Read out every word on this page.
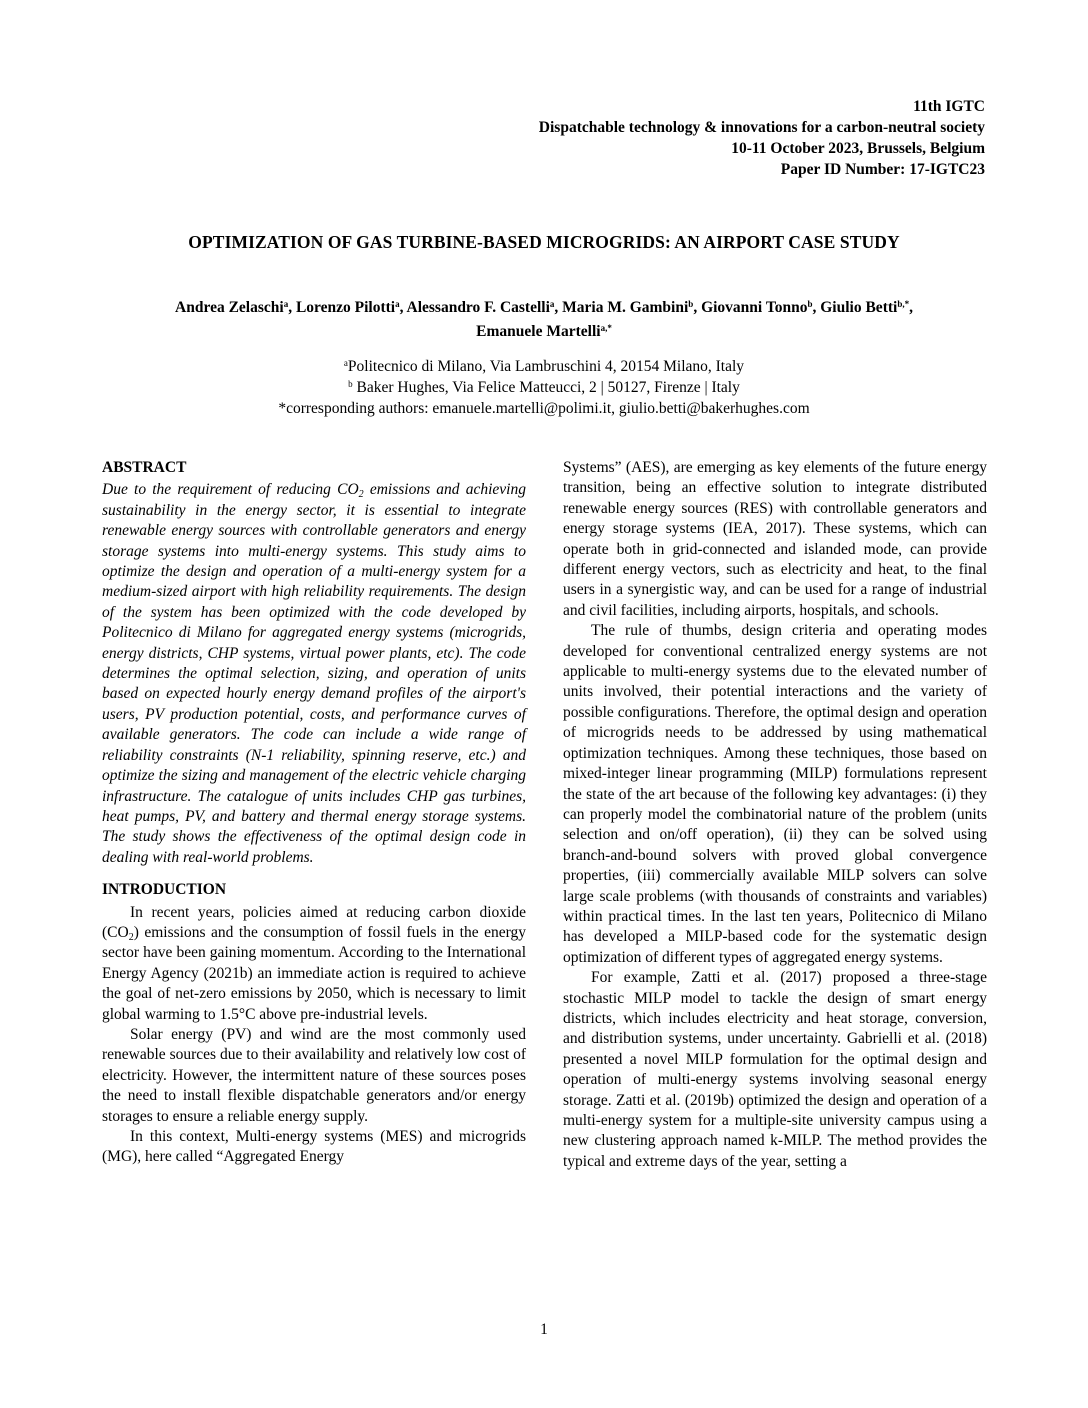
11th IGTC
Dispatchable technology & innovations for a carbon-neutral society
10-11 October 2023, Brussels, Belgium
Paper ID Number: 17-IGTC23
OPTIMIZATION OF GAS TURBINE-BASED MICROGRIDS: AN AIRPORT CASE STUDY
Andrea Zelaschi$^a$, Lorenzo Pilotti$^a$, Alessandro F. Castelli$^a$, Maria M. Gambini$^b$, Giovanni Tonno$^b$, Giulio Betti$^{b,*}$,
Emanuele Martelli$^{a,*}$
$^a$Politecnico di Milano, Via Lambruschini 4, 20154 Milano, Italy
$^b$ Baker Hughes, Via Felice Matteucci, 2 | 50127, Firenze | Italy
*corresponding authors: emanuele.martelli@polimi.it, giulio.betti@bakerhughes.com
ABSTRACT

Due to the requirement of reducing $CO_2$ emissions and achieving sustainability in the energy sector, it is essential to integrate renewable energy sources with controllable generators and energy storage systems into multi-energy systems. This study aims to optimize the design and operation of a multi-energy system for a medium-sized airport with high reliability requirements. The design of the system has been optimized with the code developed by Politecnico di Milano for aggregated energy systems (microgrids, energy districts, CHP systems, virtual power plants, etc). The code determines the optimal selection, sizing, and operation of units based on expected hourly energy demand profiles of the airport's users, PV production potential, costs, and performance curves of available generators. The code can include a wide range of reliability constraints (N-1 reliability, spinning reserve, etc.) and optimize the sizing and management of the electric vehicle charging infrastructure. The catalogue of units includes CHP gas turbines, heat pumps, PV, and battery and thermal energy storage systems. The study shows the effectiveness of the optimal design code in dealing with real-world problems.

INTRODUCTION

In recent years, policies aimed at reducing carbon dioxide $(CO_2)$ emissions and the consumption of fossil fuels in the energy sector have been gaining momentum. According to the International Energy Agency (2021b) an immediate action is required to achieve the goal of net-zero emissions by 2050, which is necessary to limit global warming to 1.5°C above pre-industrial levels.

Solar energy (PV) and wind are the most commonly used renewable sources due to their availability and relatively low cost of electricity. However, the intermittent nature of these sources poses the need to install flexible dispatchable generators and/or energy storages to ensure a reliable energy supply.

In this context, Multi-energy systems (MES) and microgrids (MG), here called “Aggregated Energy

Systems” (AES), are emerging as key elements of the future energy transition, being an effective solution to integrate distributed renewable energy sources (RES) with controllable generators and energy storage systems (IEA, 2017). These systems, which can operate both in grid-connected and islanded mode, can provide different energy vectors, such as electricity and heat, to the final users in a synergistic way, and can be used for a range of industrial and civil facilities, including airports, hospitals, and schools.

The rule of thumbs, design criteria and operating modes developed for conventional centralized energy systems are not applicable to multi-energy systems due to the elevated number of units involved, their potential interactions and the variety of possible configurations. Therefore, the optimal design and operation of microgrids needs to be addressed by using mathematical optimization techniques. Among these techniques, those based on mixed-integer linear programming (MILP) formulations represent the state of the art because of the following key advantages: (i) they can properly model the combinatorial nature of the problem (units selection and on/off operation), (ii) they can be solved using branch-and-bound solvers with proved global convergence properties, (iii) commercially available MILP solvers can solve large scale problems (with thousands of constraints and variables) within practical times. In the last ten years, Politecnico di Milano has developed a MILP-based code for the systematic design optimization of different types of aggregated energy systems.

For example, Zatti et al. (2017) proposed a three-stage stochastic MILP model to tackle the design of smart energy districts, which includes electricity and heat storage, conversion, and distribution systems, under uncertainty. Gabrielli et al. (2018) presented a novel MILP formulation for the optimal design and operation of multi-energy systems involving seasonal energy storage. Zatti et al. (2019b) optimized the design and operation of a multi-energy system for a multiple-site university campus using a new clustering approach named k-MILP. The method provides the typical and extreme days of the year, setting a

1
